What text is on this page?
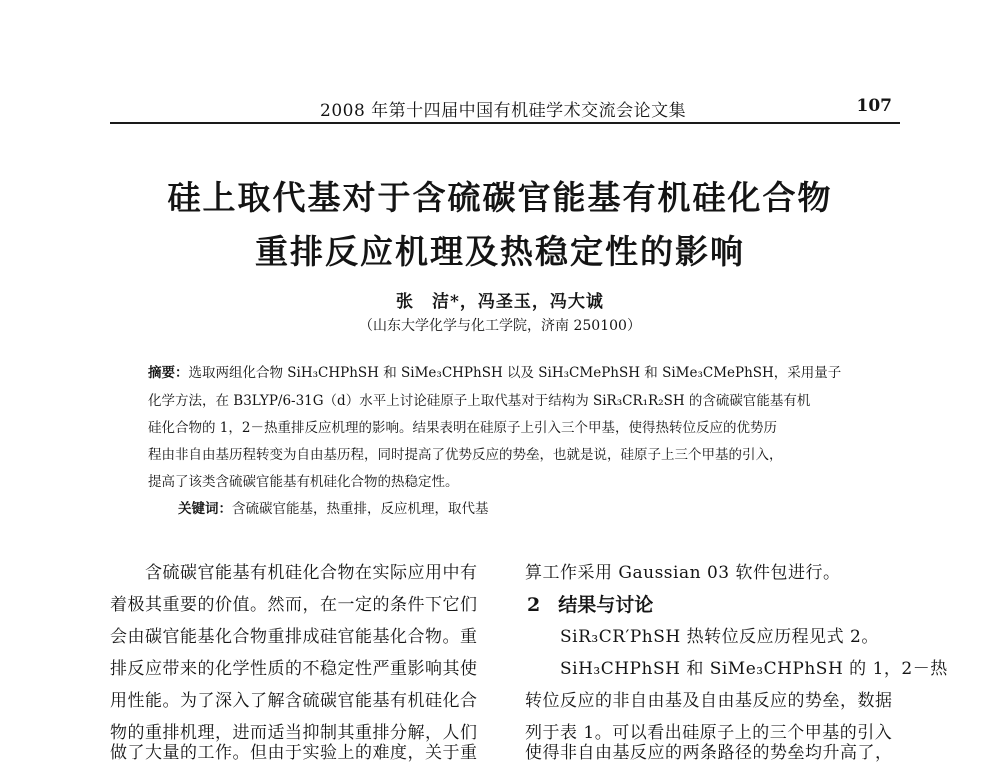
2008 年第十四届中国有机硅学术交流会论文集	107
硅上取代基对于含硫碳官能基有机硅化合物
重排反应机理及热稳定性的影响
张　洁*，冯圣玉，冯大诚
（山东大学化学与化工学院，济南 250100）
摘要：选取两组化合物 SiH₃CHPhSH 和 SiMe₃CHPhSH 以及 SiH₃CMePhSH 和 SiMe₃CMePhSH，采用量子
化学方法，在 B3LYP/6-31G（d）水平上讨论硅原子上取代基对于结构为 SiR₃CR₁R₂SH 的含硫碳官能基有机
硅化合物的 1，2－热重排反应机理的影响。结果表明在硅原子上引入三个甲基，使得热转位反应的优势历
程由非自由基历程转变为自由基历程，同时提高了优势反应的势垒，也就是说，硅原子上三个甲基的引入，
提高了该类含硫碳官能基有机硅化合物的热稳定性。
关键词：含硫碳官能基，热重排，反应机理，取代基
含硫碳官能基有机硅化合物在实际应用中有
着极其重要的价值。然而，在一定的条件下它们
会由碳官能基化合物重排成硅官能基化合物。重
排反应带来的化学性质的不稳定性严重影响其使
用性能。为了深入了解含硫碳官能基有机硅化合
物的重排机理，进而适当抑制其重排分解，人们
做了大量的工作。但由于实验上的难度，关于重
算工作采用 Gaussian 03 软件包进行。
2 结果与讨论
SiR₃CR′PhSH 热转位反应历程见式 2。
SiH₃CHPhSH 和 SiMe₃CHPhSH 的 1，2－热
转位反应的非自由基及自由基反应的势垒，数据
列于表 1。可以看出硅原子上的三个甲基的引入
使得非自由基反应的两条路径的势垒均升高了，
